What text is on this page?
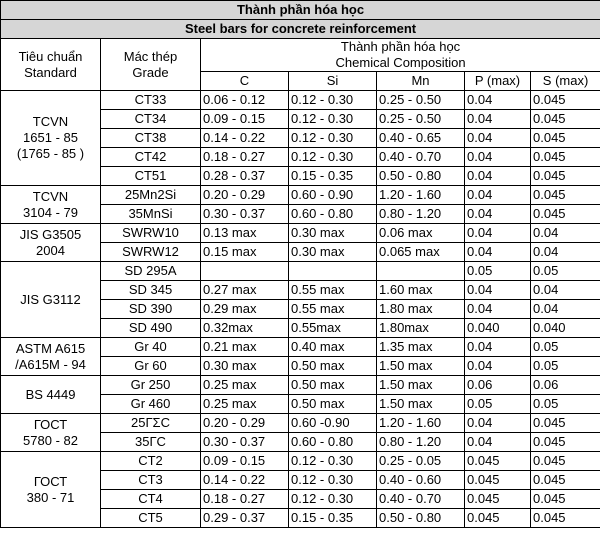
Thành phần hóa học						
Steel bars for concrete reinforcement						
Tiêu chuẩn
Standard	Mác thép
Grade	Thành phần hóa học
Chemical Composition				
		C	Si	Mn	P (max)	S (max)
TCVN
1651 - 85
(1765 - 85 )	CT33	0.06 - 0.12	0.12 - 0.30	0.25 - 0.50	0.04	0.045
	CT34	0.09 - 0.15	0.12 - 0.30	0.25 - 0.50	0.04	0.045
	CT38	0.14 - 0.22	0.12 - 0.30	0.40 - 0.65	0.04	0.045
	CT42	0.18 - 0.27	0.12 - 0.30	0.40 - 0.70	0.04	0.045
	CT51	0.28 - 0.37	0.15 - 0.35	0.50 - 0.80	0.04	0.045
TCVN
3104 - 79	25Mn2Si	0.20 - 0.29	0.60 - 0.90	1.20 - 1.60	0.04	0.045
	35MnSi	0.30 - 0.37	0.60 - 0.80	0.80 - 1.20	0.04	0.045
JIS G3505
2004	SWRW10	0.13 max	0.30 max	0.06 max	0.04	0.04
	SWRW12	0.15 max	0.30 max	0.065 max	0.04	0.04
JIS G3112	SD 295A				0.05	0.05
	SD 345	0.27 max	0.55 max	1.60 max	0.04	0.04
	SD 390	0.29 max	0.55 max	1.80 max	0.04	0.04
	SD 490	0.32max	0.55max	1.80max	0.040	0.040
ASTM A615
/A615M - 94	Gr 40	0.21 max	0.40 max	1.35 max	0.04	0.05
	Gr 60	0.30 max	0.50 max	1.50 max	0.04	0.05
BS 4449	Gr 250	0.25 max	0.50 max	1.50 max	0.06	0.06
	Gr 460	0.25 max	0.50 max	1.50 max	0.05	0.05
ГОСТ
5780 - 82	25ГΣC	0.20 - 0.29	0.60 -0.90	1.20 - 1.60	0.04	0.045
	35ГC	0.30 - 0.37	0.60 - 0.80	0.80 - 1.20	0.04	0.045
ГОСТ
380 - 71	CT2	0.09 - 0.15	0.12 - 0.30	0.25 - 0.05	0.045	0.045
	CT3	0.14 - 0.22	0.12 - 0.30	0.40 - 0.60	0.045	0.045
	CT4	0.18 - 0.27	0.12 - 0.30	0.40 - 0.70	0.045	0.045
	CT5	0.29 - 0.37	0.15 - 0.35	0.50 - 0.80	0.045	0.045
